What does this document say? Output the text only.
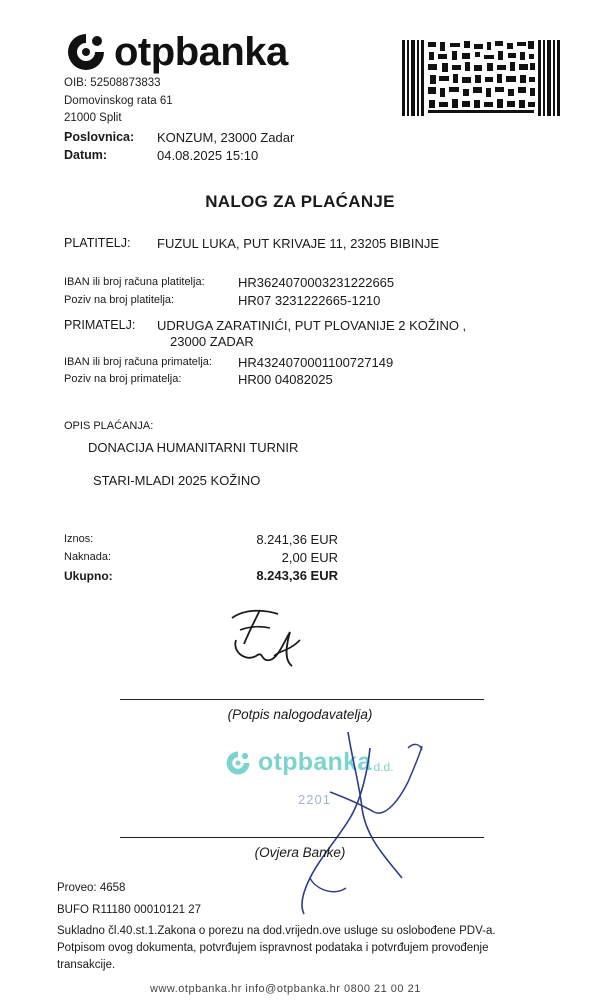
otpbanka
OIB: 52508873833
Domovinskog rata 61
21000 Split
Poslovnica: KONZUM, 23000 Zadar
Datum:	04.08.2025 15:10
NALOG ZA PLAĆANJE
PLATITELJ: FUZUL LUKA, PUT KRIVAJE 11, 23205 BIBINJE
IBAN ili broj računa platitelja:	HR3624070003231222665
Poziv na broj platitelja:	HR07 3231222665-1210
PRIMATELJ: UDRUGA ZARATINIĆI, PUT PLOVANIJE 2 KOŽINO ,
23000 ZADAR
IBAN ili broj računa primatelja: HR4324070001100727149
Poziv na broj primatelja:	HR00 04082025
OPIS PLAĆANJA:
DONACIJA HUMANITARNI TURNIR
STARI-MLADI 2025 KOŽINO
Iznos:	8.241,36 EUR
Naknada:	2,00 EUR
Ukupno:	8.243,36 EUR
(Potpis nalogodavatelja)
otpbanka d.d.
2201
(Ovjera Banke)
Proveo: 4658
BUFO R11180 00010121 27
Sukladno čl.40.st.1.Zakona o porezu na dod.vrijedn.ove usluge su oslobođene PDV-a.
Potpisom ovog dokumenta, potvrđujem ispravnost podataka i potvrđujem provođenje
transakcije.
www.otpbanka.hr info@otpbanka.hr 0800 21 00 21
